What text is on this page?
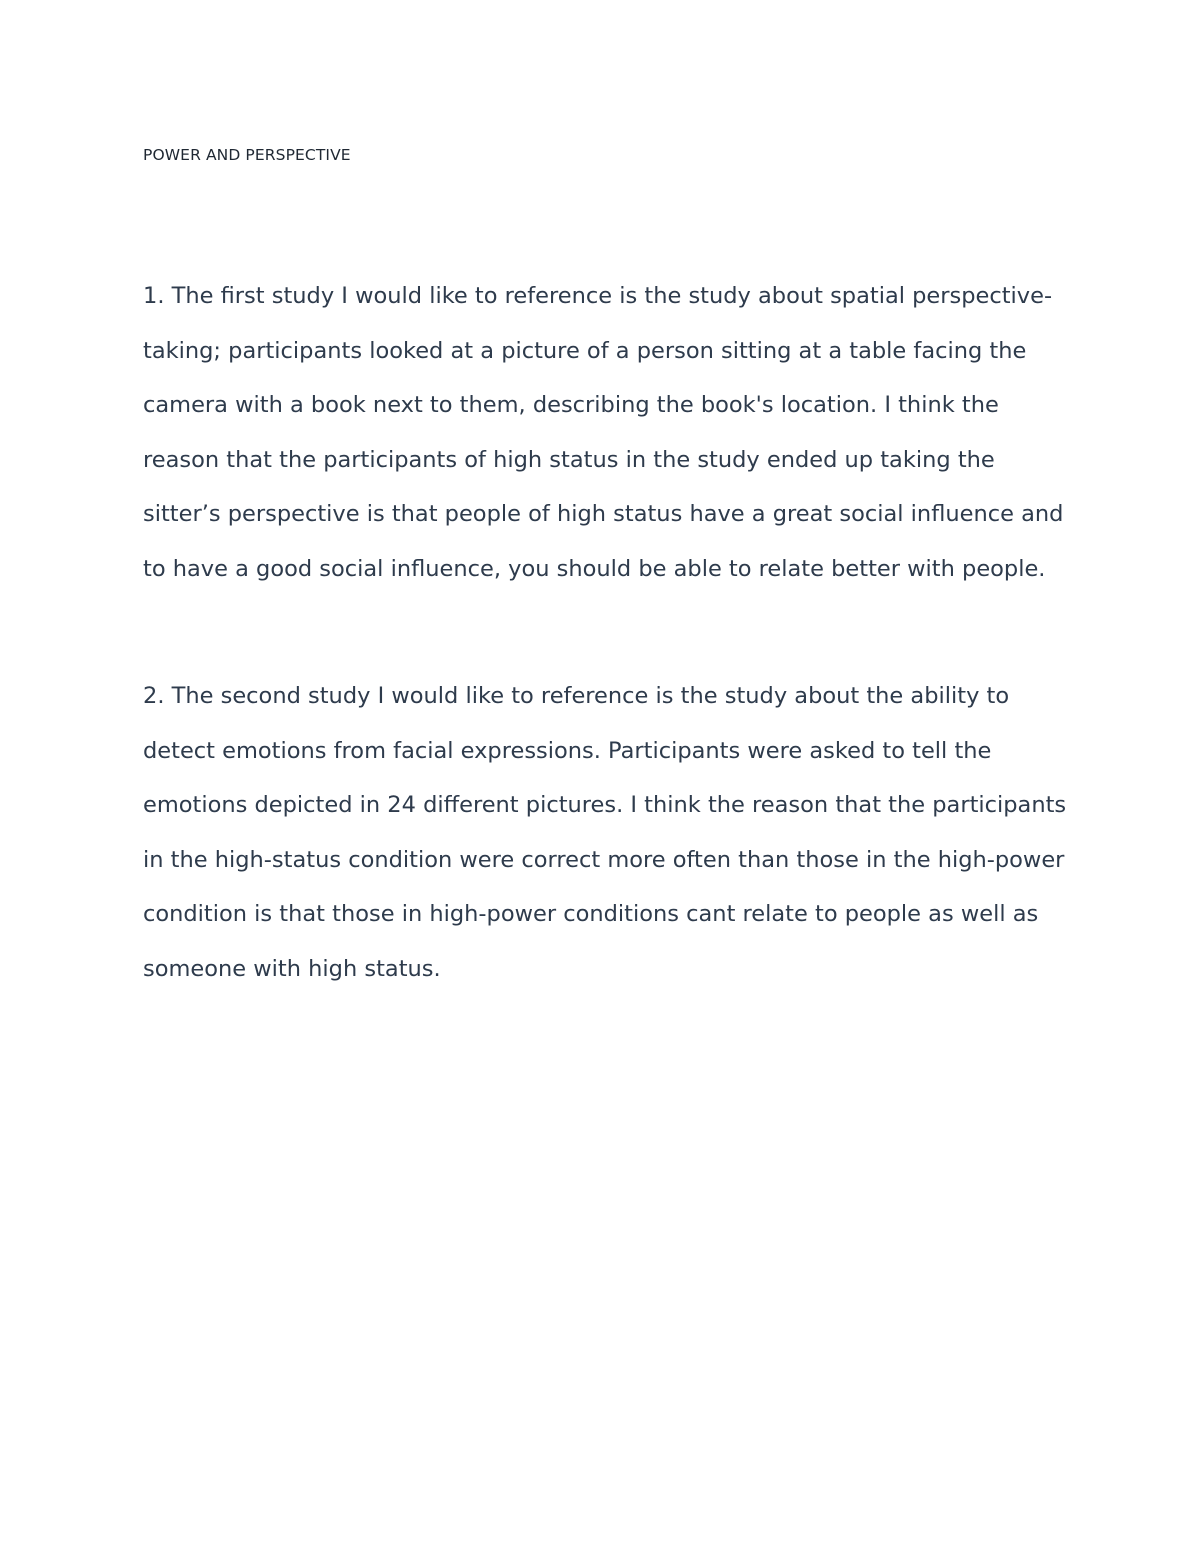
POWER AND PERSPECTIVE

1. The first study I would like to reference is the study about spatial perspective-taking; participants looked at a picture of a person sitting at a table facing the camera with a book next to them, describing the book's location. I think the reason that the participants of high status in the study ended up taking the sitter’s perspective is that people of high status have a great social influence and to have a good social influence, you should be able to relate better with people.

2. The second study I would like to reference is the study about the ability to detect emotions from facial expressions. Participants were asked to tell the emotions depicted in 24 different pictures. I think the reason that the participants in the high-status condition were correct more often than those in the high-power condition is that those in high-power conditions cant relate to people as well as someone with high status.
